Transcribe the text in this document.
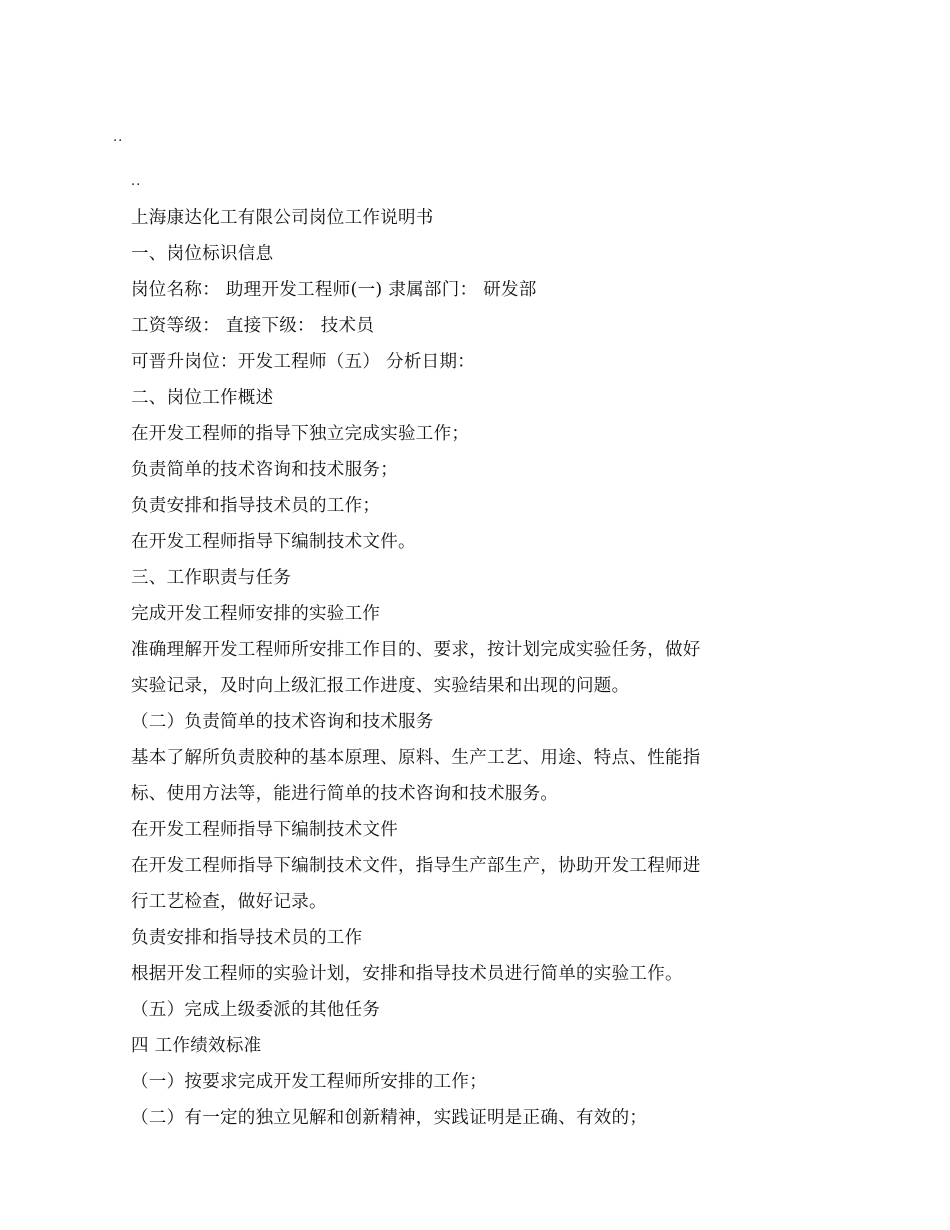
..
..
上海康达化工有限公司岗位工作说明书
一、岗位标识信息
岗位名称： 助理开发工程师(一) 隶属部门： 研发部
工资等级： 直接下级： 技术员
可晋升岗位：开发工程师（五） 分析日期：
二、岗位工作概述
在开发工程师的指导下独立完成实验工作；
负责简单的技术咨询和技术服务；
负责安排和指导技术员的工作；
在开发工程师指导下编制技术文件。
三、工作职责与任务
完成开发工程师安排的实验工作
准确理解开发工程师所安排工作目的、要求，按计划完成实验任务，做好
实验记录，及时向上级汇报工作进度、实验结果和出现的问题。
（二）负责简单的技术咨询和技术服务
基本了解所负责胶种的基本原理、原料、生产工艺、用途、特点、性能指
标、使用方法等，能进行简单的技术咨询和技术服务。
在开发工程师指导下编制技术文件
在开发工程师指导下编制技术文件，指导生产部生产，协助开发工程师进
行工艺检查，做好记录。
负责安排和指导技术员的工作
根据开发工程师的实验计划，安排和指导技术员进行简单的实验工作。
（五）完成上级委派的其他任务
四 工作绩效标准
（一）按要求完成开发工程师所安排的工作；
（二）有一定的独立见解和创新精神，实践证明是正确、有效的；
